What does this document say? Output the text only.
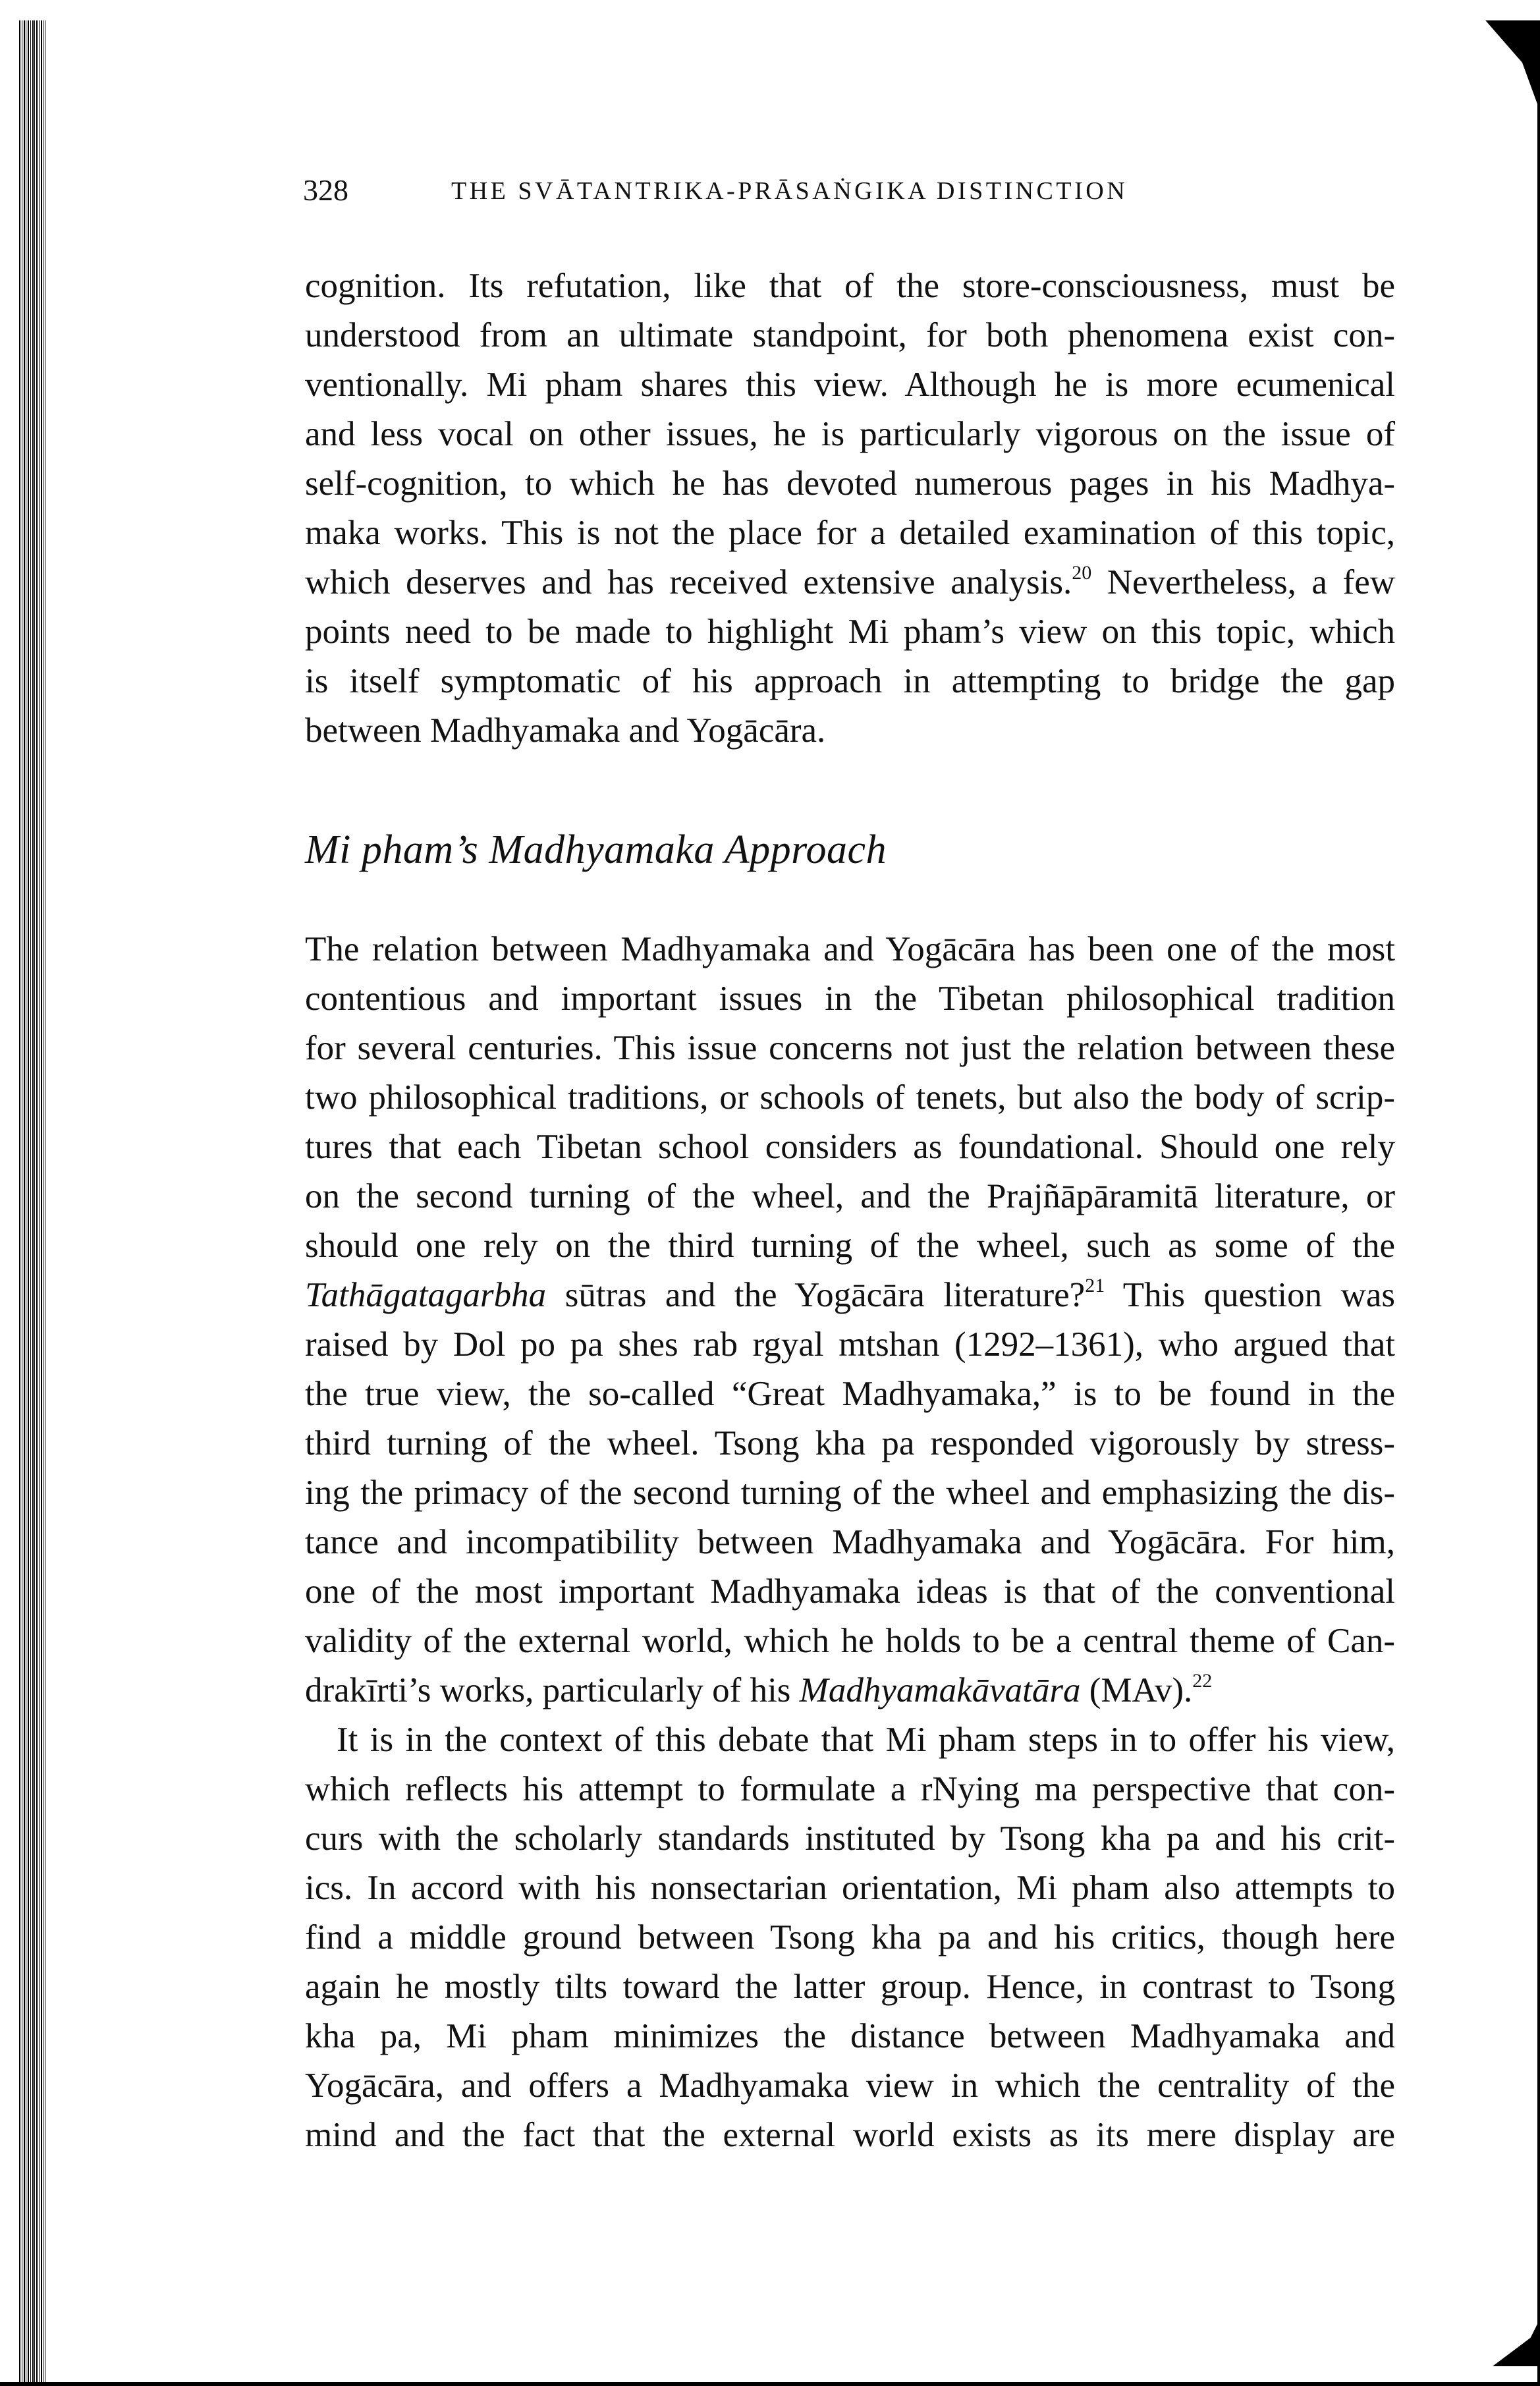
328	THE SVĀTANTRIKA-PRĀSAṄGIKA DISTINCTION
cognition. Its refutation, like that of the store-consciousness, must be
understood from an ultimate standpoint, for both phenomena exist con-
ventionally. Mi pham shares this view. Although he is more ecumenical
and less vocal on other issues, he is particularly vigorous on the issue of
self-cognition, to which he has devoted numerous pages in his Madhya-
maka works. This is not the place for a detailed examination of this topic,
which deserves and has received extensive analysis.$^{20}$ Nevertheless, a few
points need to be made to highlight Mi pham’s view on this topic, which
is itself symptomatic of his approach in attempting to bridge the gap
between Madhyamaka and Yogācāra.
Mi pham’s Madhyamaka Approach
The relation between Madhyamaka and Yogācāra has been one of the most
contentious and important issues in the Tibetan philosophical tradition
for several centuries. This issue concerns not just the relation between these
two philosophical traditions, or schools of tenets, but also the body of scrip-
tures that each Tibetan school considers as foundational. Should one rely
on the second turning of the wheel, and the Prajñāpāramitā literature, or
should one rely on the third turning of the wheel, such as some of the
Tathāgatagarbha sūtras and the Yogācāra literature?$^{21}$ This question was
raised by Dol po pa shes rab rgyal mtshan (1292–1361), who argued that
the true view, the so-called “Great Madhyamaka,” is to be found in the
third turning of the wheel. Tsong kha pa responded vigorously by stress-
ing the primacy of the second turning of the wheel and emphasizing the dis-
tance and incompatibility between Madhyamaka and Yogācāra. For him,
one of the most important Madhyamaka ideas is that of the conventional
validity of the external world, which he holds to be a central theme of Can-
drakīrti’s works, particularly of his Madhyamakāvatāra (MAv).$^{22}$
It is in the context of this debate that Mi pham steps in to offer his view,
which reflects his attempt to formulate a rNying ma perspective that con-
curs with the scholarly standards instituted by Tsong kha pa and his crit-
ics. In accord with his nonsectarian orientation, Mi pham also attempts to
find a middle ground between Tsong kha pa and his critics, though here
again he mostly tilts toward the latter group. Hence, in contrast to Tsong
kha pa, Mi pham minimizes the distance between Madhyamaka and
Yogācāra, and offers a Madhyamaka view in which the centrality of the
mind and the fact that the external world exists as its mere display are
